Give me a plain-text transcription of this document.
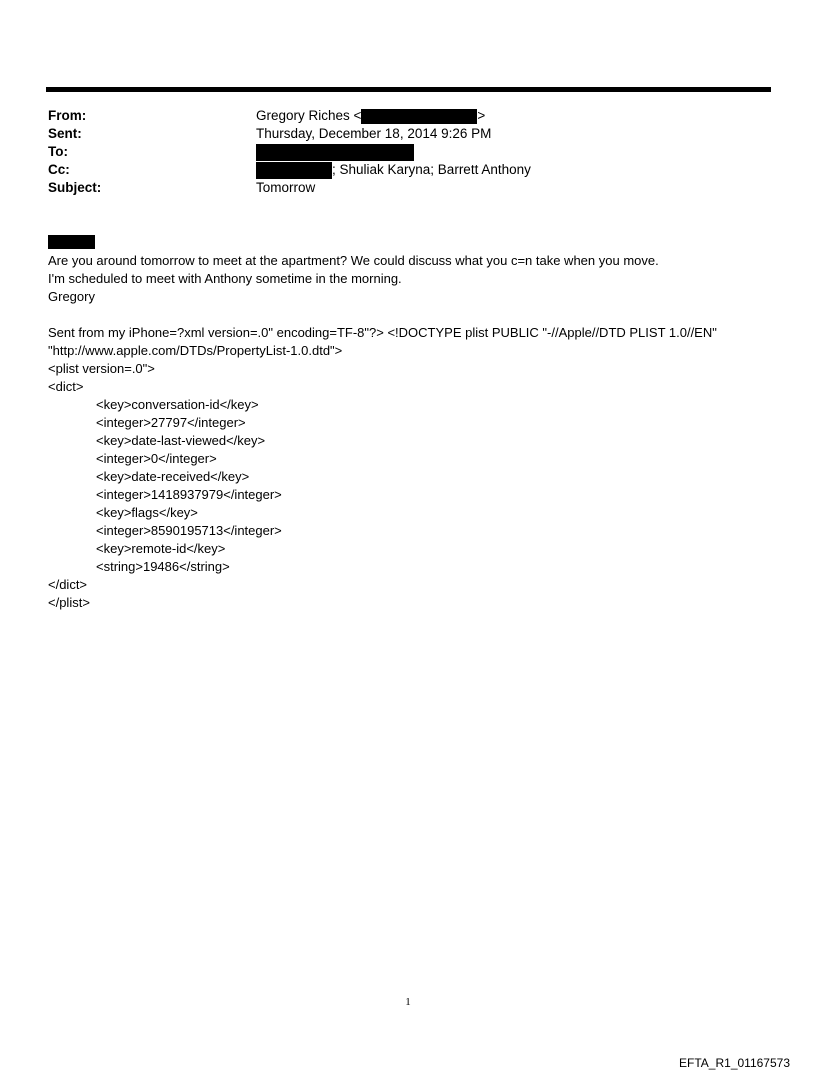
From:	Gregory Riches <	>
Sent:	Thursday, December 18, 2014 9:26 PM
To:
Cc:	; Shuliak Karyna; Barrett Anthony
Subject:	Tomorrow
Are you around tomorrow to meet at the apartment? We could discuss what you c=n take when you move.
I'm scheduled to meet with Anthony sometime in the morning.
Gregory
Sent from my iPhone=?xml version=.0" encoding=TF-8"?> <!DOCTYPE plist PUBLIC "-//Apple//DTD PLIST 1.0//EN"
"http://www.apple.com/DTDs/PropertyList-1.0.dtd">
<plist version=.0">
<dict>
<key>conversation-id</key>
<integer>27797</integer>
<key>date-last-viewed</key>
<integer>0</integer>
<key>date-received</key>
<integer>1418937979</integer>
<key>flags</key>
<integer>8590195713</integer>
<key>remote-id</key>
<string>19486</string>
</dict>
</plist>
1
EFTA_R1_01167573
